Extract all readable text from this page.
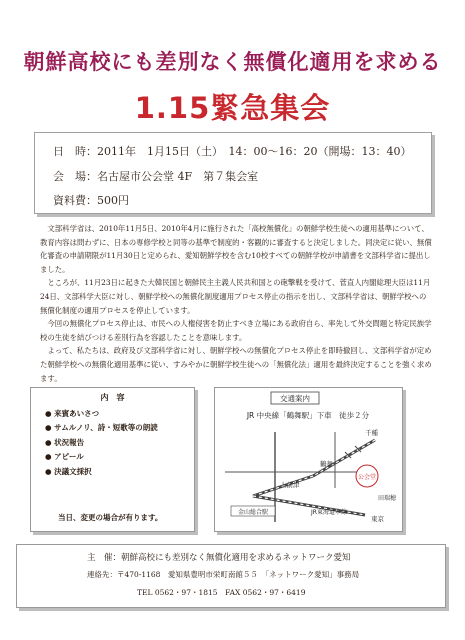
朝鮮高校にも差別なく無償化適用を求める
1.15緊急集会
日　時：2011年　1月15日（土）　14：00〜16：20（開場：13：40）
会　場：名古屋市公会堂 4F　第７集会室
資料費：500円

文部科学省は、2010年11月5日、2010年4月に施行された「高校無償化」の朝鮮学校生徒への適用基準について、教育内容は問わずに、日本の専修学校と同等の基準で制度的・客観的に審査すると決定しました。同決定に従い、無償化審査の申請期限が11月30日と定められ、愛知朝鮮学校を含む10校すべての朝鮮学校が申請書を文部科学省に提出しました。

ところが、11月23日に起きた大韓民国と朝鮮民主主義人民共和国との砲撃戦を受けて、菅直人内閣総理大臣は11月24日、文部科学大臣に対し、朝鮮学校への無償化制度適用プロセス停止の指示を出し、文部科学省は、朝鮮学校への無償化制度の適用プロセスを停止しています。

今回の無償化プロセス停止は、市民への人権侵害を防止すべき立場にある政府自ら、率先して外交問題と特定民族学校の生徒を結びつける差別行為を容認したことを意味します。

よって、私たちは、政府及び文部科学省に対し、朝鮮学校への無償化プロセス停止を即時撤回し、文部科学省が定めた朝鮮学校への無償化適用基準に従い、すみやかに朝鮮学校生徒への「無償化法」適用を最終決定することを強く求めます。

内　容
● 来賓あいさつ
● サムルノリ、詩・短歌等の朗読
● 状況報告
● アピール
● 決議文採択
当日、変更の場合が有ります。
交通案内
JR 中央線「鶴舞駅」下車　徒歩２分
公会堂
鶴舞
上前津
金山総合駅	JR東海道本線
東京
千種
田瑞穂
主　催：朝鮮高校にも差別なく無償化適用を求めるネットワーク愛知
連絡先：〒470-1168　愛知県豊明市栄町南館５５　「ネットワーク愛知」事務局
TEL 0562・97・1815　FAX 0562・97・6419
